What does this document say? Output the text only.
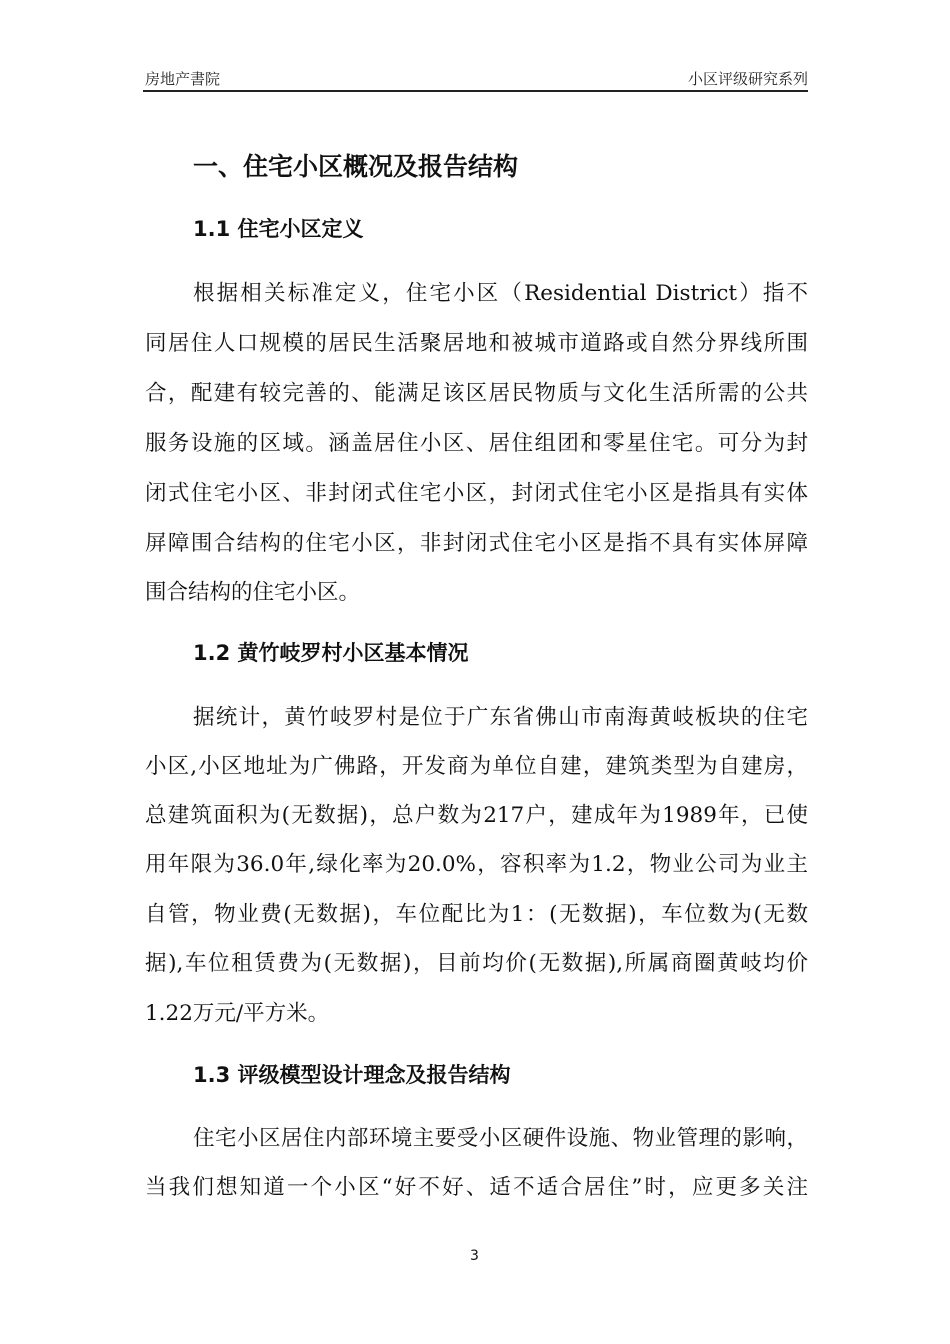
房地产書院	小区评级研究系列
一、住宅小区概况及报告结构
1.1 住宅小区定义
根据相关标准定义，住宅小区（Residential District）指不
同居住人口规模的居民生活聚居地和被城市道路或自然分界线所围
合，配建有较完善的、能满足该区居民物质与文化生活所需的公共
服务设施的区域。涵盖居住小区、居住组团和零星住宅。可分为封
闭式住宅小区、非封闭式住宅小区，封闭式住宅小区是指具有实体
屏障围合结构的住宅小区，非封闭式住宅小区是指不具有实体屏障
围合结构的住宅小区。
1.2 黄竹岐罗村小区基本情况
据统计，黄竹岐罗村是位于广东省佛山市南海黄岐板块的住宅
小区,小区地址为广佛路，开发商为单位自建，建筑类型为自建房，
总建筑面积为(无数据)，总户数为217户，建成年为1989年，已使
用年限为36.0年,绿化率为20.0%，容积率为1.2，物业公司为业主
自管，物业费(无数据)，车位配比为1：(无数据)，车位数为(无数
据),车位租赁费为(无数据)，目前均价(无数据),所属商圈黄岐均价
1.22万元/平方米。
1.3 评级模型设计理念及报告结构
住宅小区居住内部环境主要受小区硬件设施、物业管理的影响，
当我们想知道一个小区“好不好、适不适合居住”时，应更多关注
3
